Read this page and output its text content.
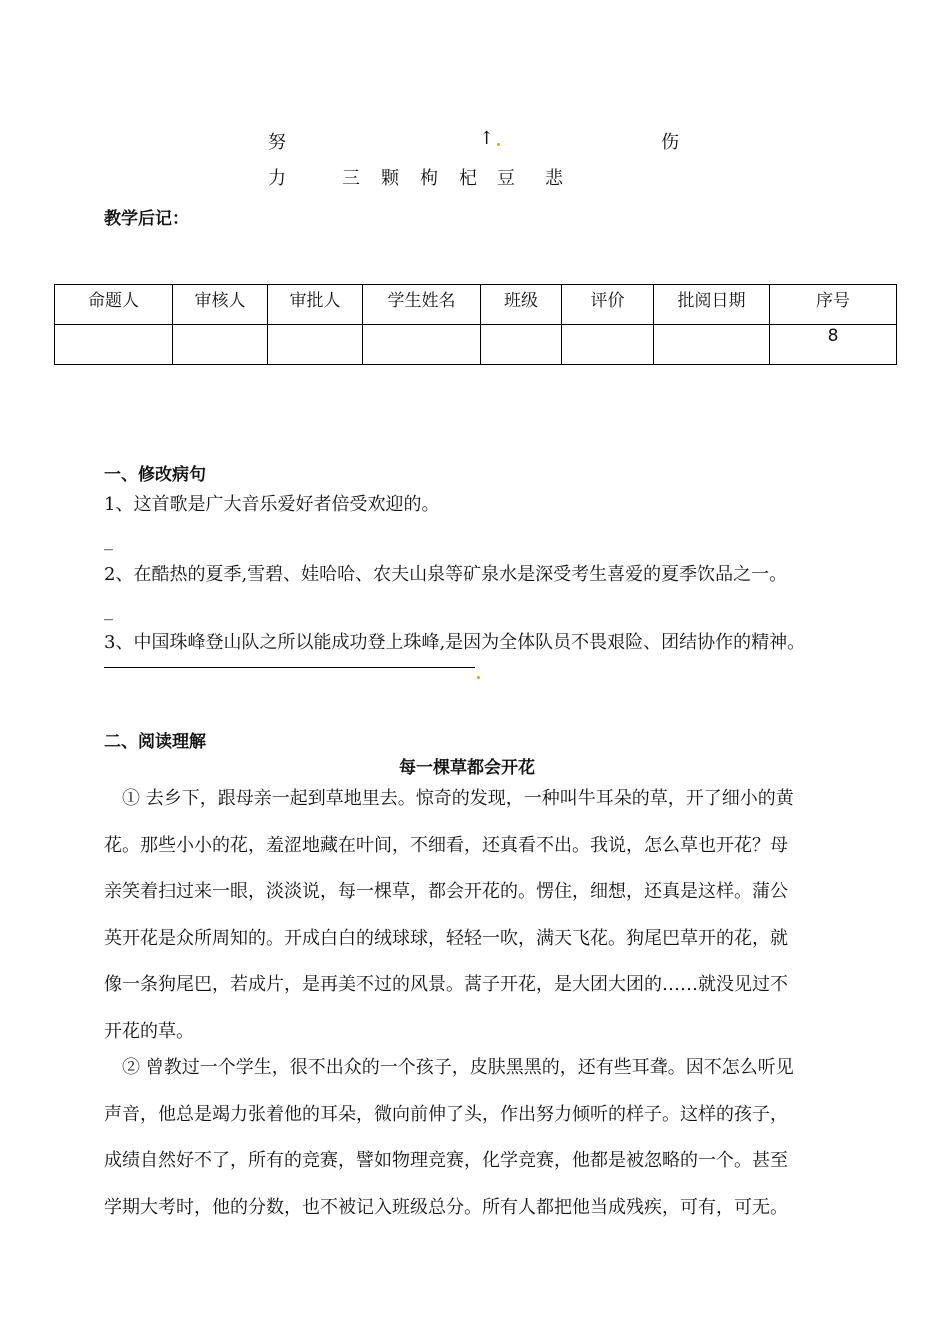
努	↑	伤
力	三 颗 枸 杞 豆 悲
教学后记：
命题人	审核人	审批人	学生姓名	班级	评价	批阅日期	序号
							8
一、修改病句
1、这首歌是广大音乐爱好者倍受欢迎的。
_
2、在酷热的夏季,雪碧、娃哈哈、农夫山泉等矿泉水是深受考生喜爱的夏季饮品之一。
_
3、中国珠峰登山队之所以能成功登上珠峰,是因为全体队员不畏艰险、团结协作的精神。
二、阅读理解
每一棵草都会开花
① 去乡下，跟母亲一起到草地里去。惊奇的发现，一种叫牛耳朵的草，开了细小的黄
花。那些小小的花，羞涩地藏在叶间，不细看，还真看不出。我说，怎么草也开花？母
亲笑着扫过来一眼，淡淡说，每一棵草，都会开花的。愣住，细想，还真是这样。蒲公
英开花是众所周知的。开成白白的绒球球，轻轻一吹，满天飞花。狗尾巴草开的花，就
像一条狗尾巴，若成片，是再美不过的风景。蒿子开花，是大团大团的……就没见过不
开花的草。
② 曾教过一个学生，很不出众的一个孩子，皮肤黑黑的，还有些耳聋。因不怎么听见
声音，他总是竭力张着他的耳朵，微向前伸了头，作出努力倾听的样子。这样的孩子，
成绩自然好不了，所有的竞赛，譬如物理竞赛，化学竞赛，他都是被忽略的一个。甚至
学期大考时，他的分数，也不被记入班级总分。所有人都把他当成残疾，可有，可无。
